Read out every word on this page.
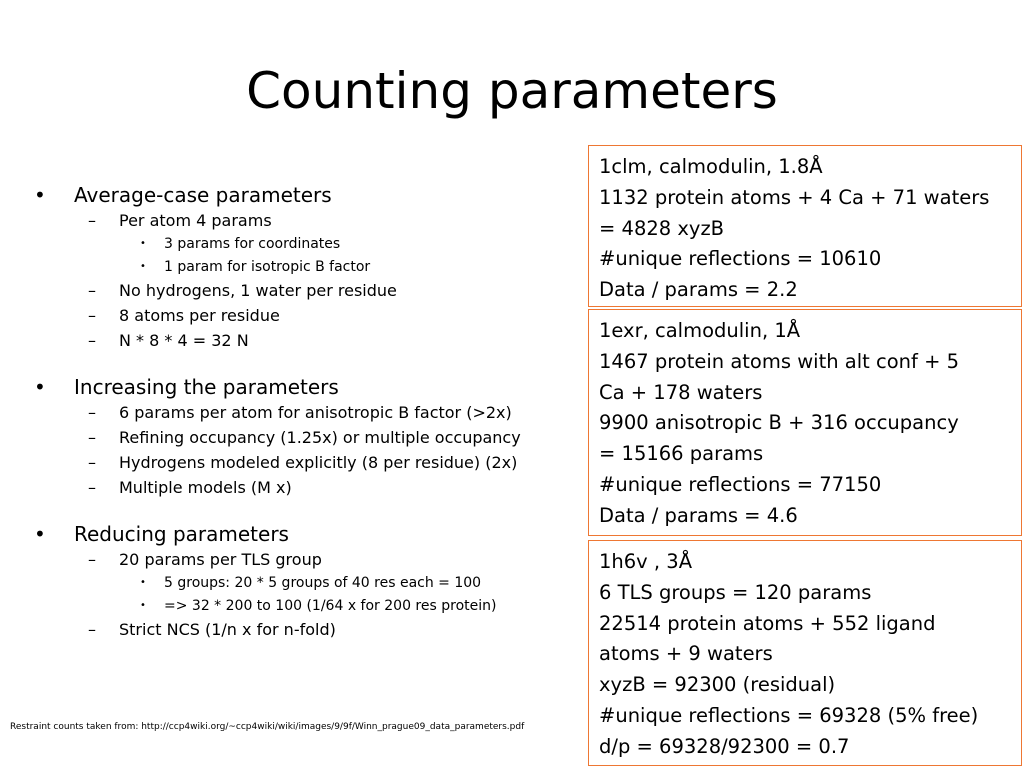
Counting parameters
• Average-case parameters
– Per atom 4 params
• 3 params for coordinates
• 1 param for isotropic B factor
– No hydrogens, 1 water per residue
– 8 atoms per residue
– N * 8 * 4 = 32 N
• Increasing the parameters
– 6 params per atom for anisotropic B factor (>2x)
– Refining occupancy (1.25x) or multiple occupancy
– Hydrogens modeled explicitly (8 per residue) (2x)
– Multiple models (M x)
• Reducing parameters
– 20 params per TLS group
• 5 groups: 20 * 5 groups of 40 res each = 100
• => 32 * 200 to 100 (1/64 x for 200 res protein)
– Strict NCS (1/n x for n-fold)
Restraint counts taken from: http://ccp4wiki.org/~ccp4wiki/wiki/images/9/9f/Winn_prague09_data_parameters.pdf
1clm, calmodulin, 1.8Å
1132 protein atoms + 4 Ca + 71 waters
= 4828 xyzB
#unique reflections = 10610
Data / params = 2.2
1exr, calmodulin, 1Å
1467 protein atoms with alt conf + 5
Ca + 178 waters
9900 anisotropic B + 316 occupancy
= 15166 params
#unique reflections = 77150
Data / params = 4.6
1h6v , 3Å
6 TLS groups = 120 params
22514 protein atoms + 552 ligand
atoms + 9 waters
xyzB = 92300 (residual)
#unique reflections = 69328 (5% free)
d/p = 69328/92300 = 0.7
